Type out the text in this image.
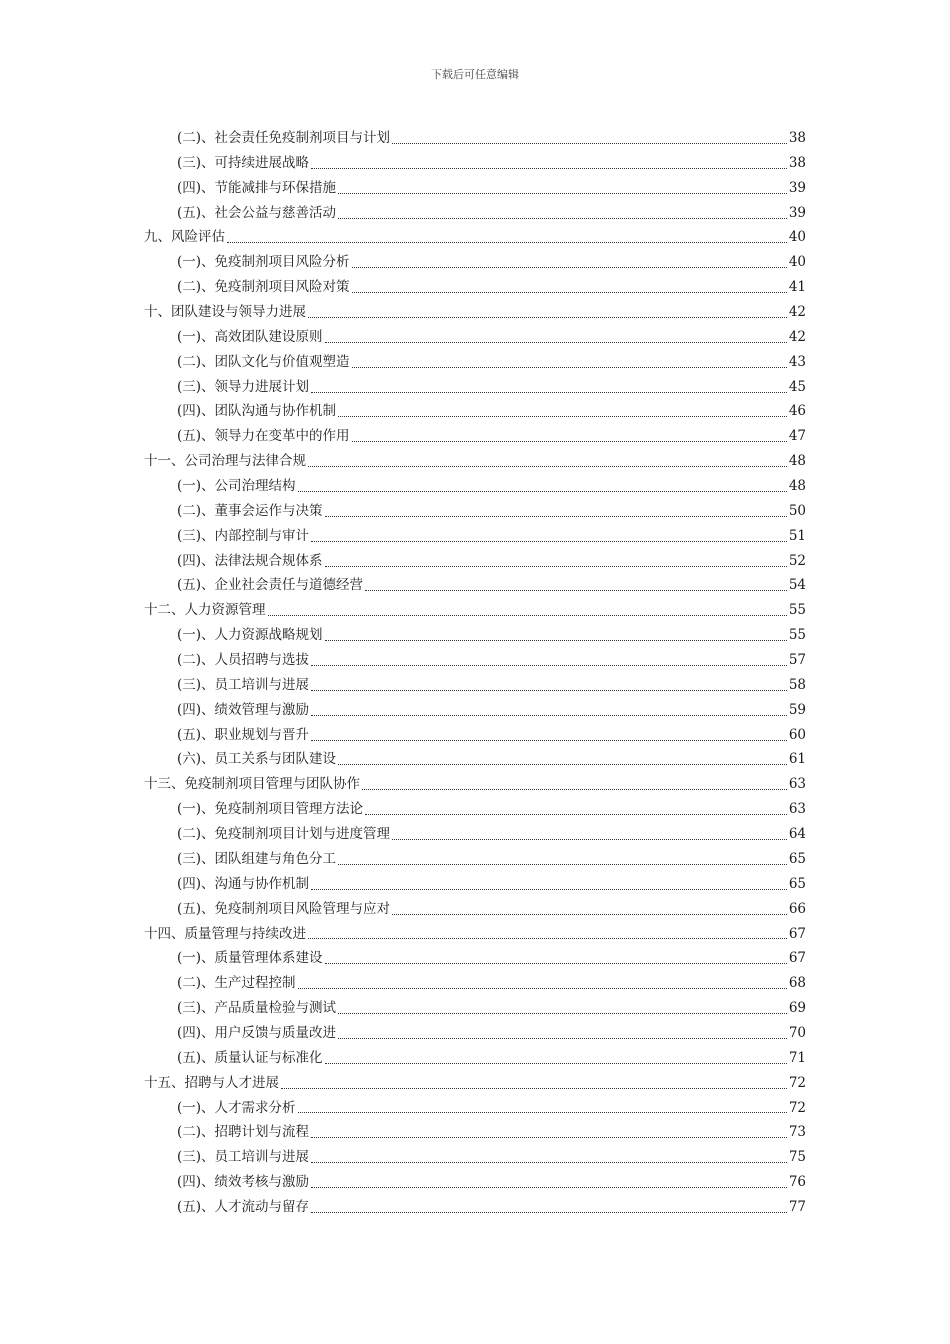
下载后可任意编辑
(二)、社会责任免疫制剂项目与计划	38
(三)、可持续进展战略	38
(四)、节能减排与环保措施	39
(五)、社会公益与慈善活动	39
九、风险评估	40
(一)、免疫制剂项目风险分析	40
(二)、免疫制剂项目风险对策	41
十、团队建设与领导力进展	42
(一)、高效团队建设原则	42
(二)、团队文化与价值观塑造	43
(三)、领导力进展计划	45
(四)、团队沟通与协作机制	46
(五)、领导力在变革中的作用	47
十一、公司治理与法律合规	48
(一)、公司治理结构	48
(二)、董事会运作与决策	50
(三)、内部控制与审计	51
(四)、法律法规合规体系	52
(五)、企业社会责任与道德经营	54
十二、人力资源管理	55
(一)、人力资源战略规划	55
(二)、人员招聘与选拔	57
(三)、员工培训与进展	58
(四)、绩效管理与激励	59
(五)、职业规划与晋升	60
(六)、员工关系与团队建设	61
十三、免疫制剂项目管理与团队协作	63
(一)、免疫制剂项目管理方法论	63
(二)、免疫制剂项目计划与进度管理	64
(三)、团队组建与角色分工	65
(四)、沟通与协作机制	65
(五)、免疫制剂项目风险管理与应对	66
十四、质量管理与持续改进	67
(一)、质量管理体系建设	67
(二)、生产过程控制	68
(三)、产品质量检验与测试	69
(四)、用户反馈与质量改进	70
(五)、质量认证与标准化	71
十五、招聘与人才进展	72
(一)、人才需求分析	72
(二)、招聘计划与流程	73
(三)、员工培训与进展	75
(四)、绩效考核与激励	76
(五)、人才流动与留存	77
